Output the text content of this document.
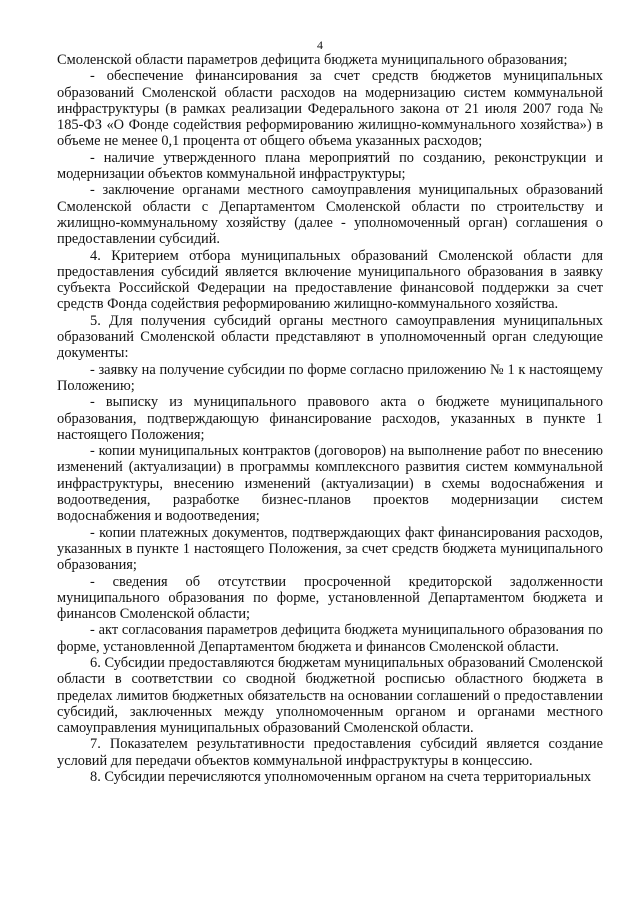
4

Смоленской области параметров дефицита бюджета муниципального образования;

- обеспечение финансирования за счет средств бюджетов муниципальных образований Смоленской области расходов на модернизацию систем коммунальной инфраструктуры (в рамках реализации Федерального закона от 21 июля 2007 года № 185-ФЗ «О Фонде содействия реформированию жилищно-коммунального хозяйства») в объеме не менее 0,1 процента от общего объема указанных расходов;

- наличие утвержденного плана мероприятий по созданию, реконструкции и модернизации объектов коммунальной инфраструктуры;

- заключение органами местного самоуправления муниципальных образований Смоленской области с Департаментом Смоленской области по строительству и жилищно-коммунальному хозяйству (далее - уполномоченный орган) соглашения о предоставлении субсидий.

4. Критерием отбора муниципальных образований Смоленской области для предоставления субсидий является включение муниципального образования в заявку субъекта Российской Федерации на предоставление финансовой поддержки за счет средств Фонда содействия реформированию жилищно-коммунального хозяйства.

5. Для получения субсидий органы местного самоуправления муниципальных образований Смоленской области представляют в уполномоченный орган следующие документы:

- заявку на получение субсидии по форме согласно приложению № 1 к настоящему Положению;

- выписку из муниципального правового акта о бюджете муниципального образования, подтверждающую финансирование расходов, указанных в пункте 1 настоящего Положения;

- копии муниципальных контрактов (договоров) на выполнение работ по внесению изменений (актуализации) в программы комплексного развития систем коммунальной инфраструктуры, внесению изменений (актуализации) в схемы водоснабжения и водоотведения, разработке бизнес-планов проектов модернизации систем водоснабжения и водоотведения;

- копии платежных документов, подтверждающих факт финансирования расходов, указанных в пункте 1 настоящего Положения, за счет средств бюджета муниципального образования;

- сведения об отсутствии просроченной кредиторской задолженности муниципального образования по форме, установленной Департаментом бюджета и финансов Смоленской области;

- акт согласования параметров дефицита бюджета муниципального образования по форме, установленной Департаментом бюджета и финансов Смоленской области.

6. Субсидии предоставляются бюджетам муниципальных образований Смоленской области в соответствии со сводной бюджетной росписью областного бюджета в пределах лимитов бюджетных обязательств на основании соглашений о предоставлении субсидий, заключенных между уполномоченным органом и органами местного самоуправления муниципальных образований Смоленской области.

7. Показателем результативности предоставления субсидий является создание условий для передачи объектов коммунальной инфраструктуры в концессию.

8. Субсидии перечисляются уполномоченным органом на счета территориальных
